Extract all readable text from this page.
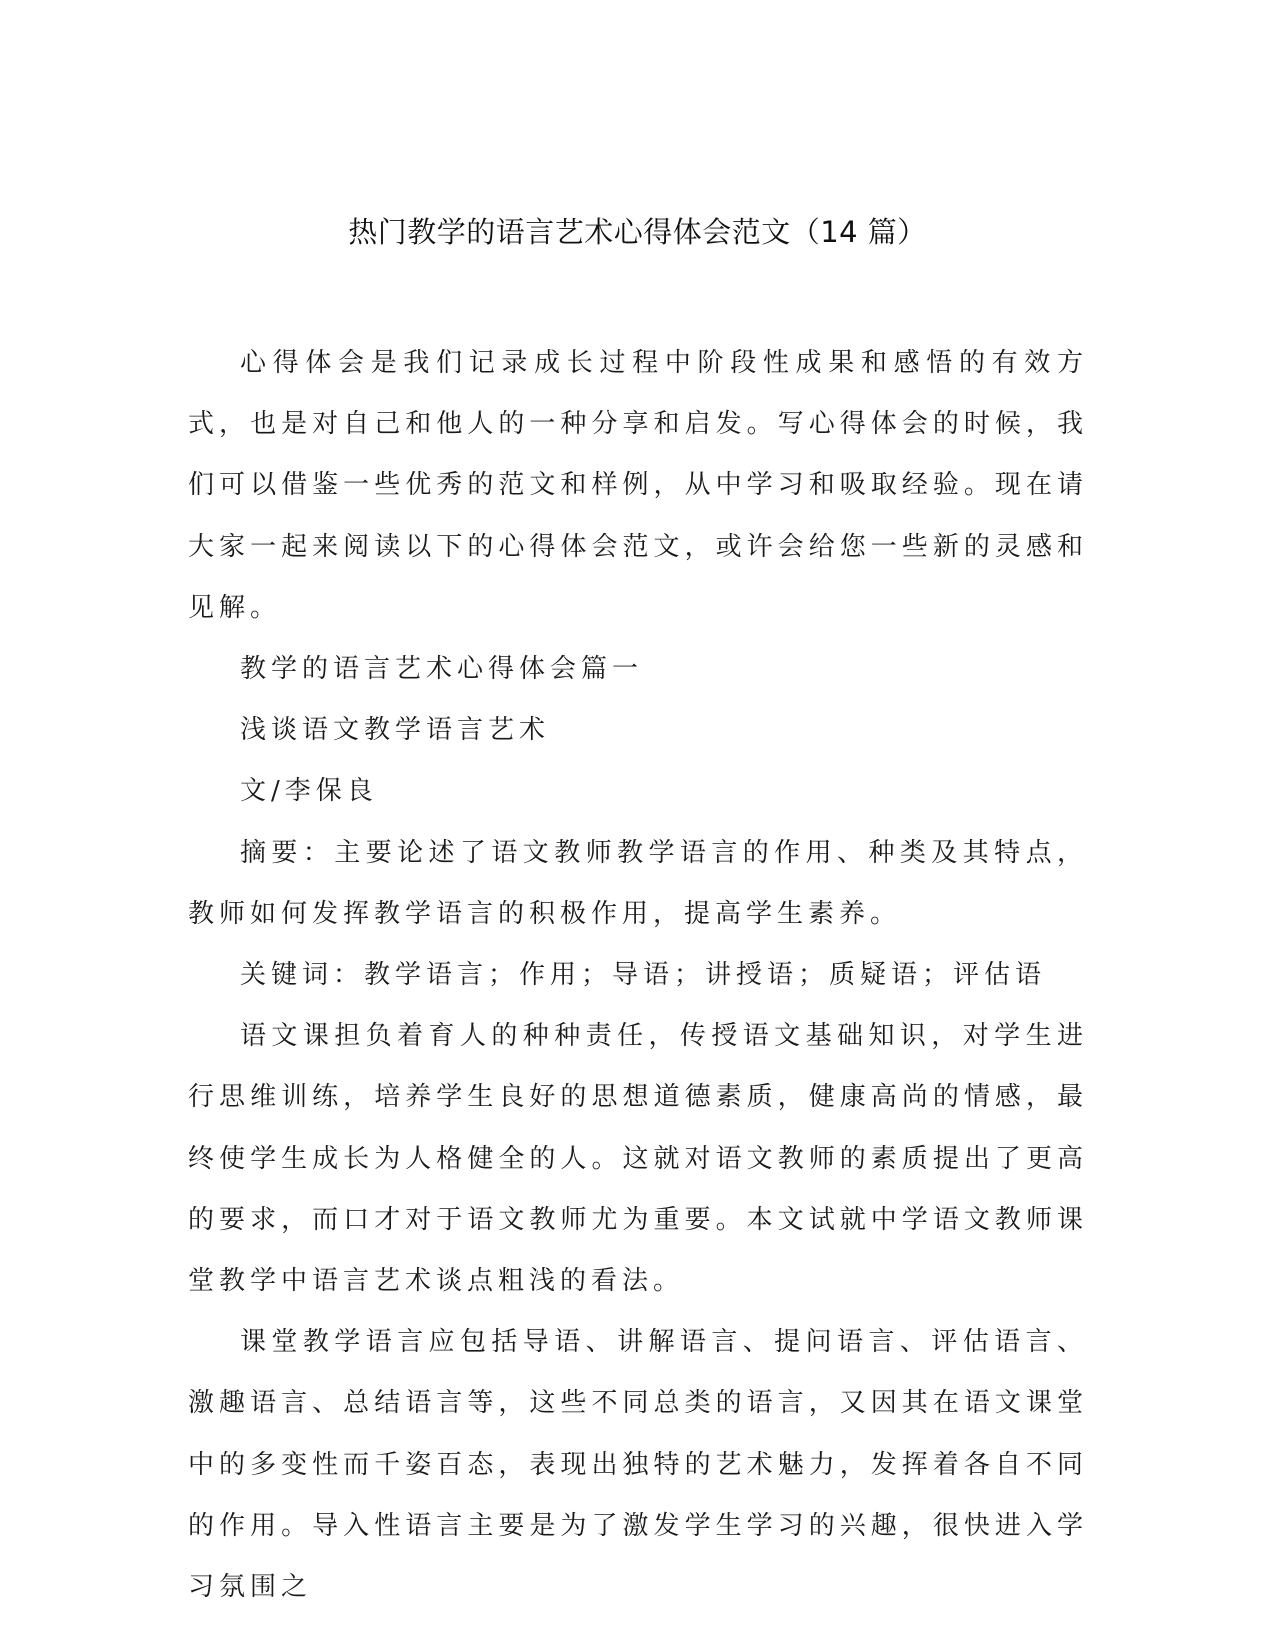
热门教学的语言艺术心得体会范文（14 篇）

心得体会是我们记录成长过程中阶段性成果和感悟的有效方式，也是对自己和他人的一种分享和启发。写心得体会的时候，我们可以借鉴一些优秀的范文和样例，从中学习和吸取经验。现在请大家一起来阅读以下的心得体会范文，或许会给您一些新的灵感和见解。

教学的语言艺术心得体会篇一

浅谈语文教学语言艺术

文/李保良

摘要：主要论述了语文教师教学语言的作用、种类及其特点，教师如何发挥教学语言的积极作用，提高学生素养。

关键词：教学语言；作用；导语；讲授语；质疑语；评估语

语文课担负着育人的种种责任，传授语文基础知识，对学生进行思维训练，培养学生良好的思想道德素质，健康高尚的情感，最终使学生成长为人格健全的人。这就对语文教师的素质提出了更高的要求，而口才对于语文教师尤为重要。本文试就中学语文教师课堂教学中语言艺术谈点粗浅的看法。

课堂教学语言应包括导语、讲解语言、提问语言、评估语言、激趣语言、总结语言等，这些不同总类的语言，又因其在语文课堂中的多变性而千姿百态，表现出独特的艺术魅力，发挥着各自不同的作用。导入性语言主要是为了激发学生学习的兴趣，很快进入学习氛围之
